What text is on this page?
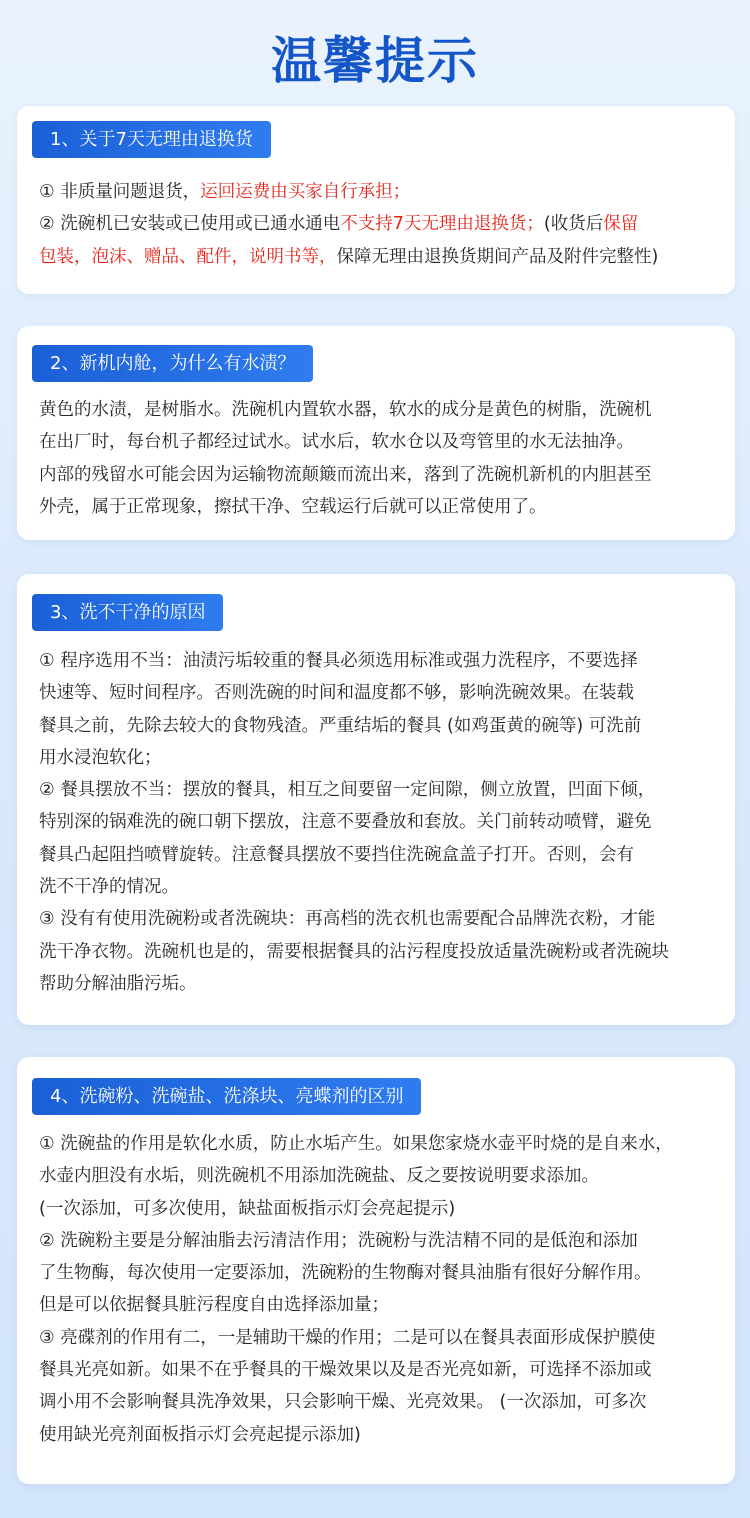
温馨提示
1、关于7天无理由退换货
① 非质量问题退货，运回运费由买家自行承担；
② 洗碗机已安装或已使用或已通水通电不支持7天无理由退换货；(收货后保留
包装，泡沫、赠品、配件，说明书等，保障无理由退换货期间产品及附件完整性)
2、新机内舱，为什么有水渍？
黄色的水渍，是树脂水。洗碗机内置软水器，软水的成分是黄色的树脂，洗碗机
在出厂时，每台机子都经过试水。试水后，软水仓以及弯管里的水无法抽净。
内部的残留水可能会因为运输物流颠簸而流出来，落到了洗碗机新机的内胆甚至
外壳，属于正常现象，擦拭干净、空载运行后就可以正常使用了。
3、洗不干净的原因
① 程序选用不当：油渍污垢较重的餐具必须选用标准或强力洗程序，不要选择
快速等、短时间程序。否则洗碗的时间和温度都不够，影响洗碗效果。在装载
餐具之前，先除去较大的食物残渣。严重结垢的餐具 (如鸡蛋黄的碗等) 可洗前
用水浸泡软化；
② 餐具摆放不当：摆放的餐具，相互之间要留一定间隙，侧立放置，凹面下倾，
特别深的锅难洗的碗口朝下摆放，注意不要叠放和套放。关门前转动喷臂，避免
餐具凸起阻挡喷臂旋转。注意餐具摆放不要挡住洗碗盒盖子打开。否则，会有
洗不干净的情况。
③ 没有有使用洗碗粉或者洗碗块：再高档的洗衣机也需要配合品牌洗衣粉，才能
洗干净衣物。洗碗机也是的，需要根据餐具的沾污程度投放适量洗碗粉或者洗碗块
帮助分解油脂污垢。
4、洗碗粉、洗碗盐、洗涤块、亮蝶剂的区别
① 洗碗盐的作用是软化水质，防止水垢产生。如果您家烧水壶平时烧的是自来水，
水壶内胆没有水垢，则洗碗机不用添加洗碗盐、反之要按说明要求添加。
(一次添加，可多次使用，缺盐面板指示灯会亮起提示)
② 洗碗粉主要是分解油脂去污清洁作用；洗碗粉与洗洁精不同的是低泡和添加
了生物酶，每次使用一定要添加，洗碗粉的生物酶对餐具油脂有很好分解作用。
但是可以依据餐具脏污程度自由选择添加量；
③ 亮碟剂的作用有二，一是辅助干燥的作用；二是可以在餐具表面形成保护膜使
餐具光亮如新。如果不在乎餐具的干燥效果以及是否光亮如新，可选择不添加或
调小用不会影响餐具洗净效果，只会影响干燥、光亮效果。 (一次添加，可多次
使用缺光亮剂面板指示灯会亮起提示添加)
